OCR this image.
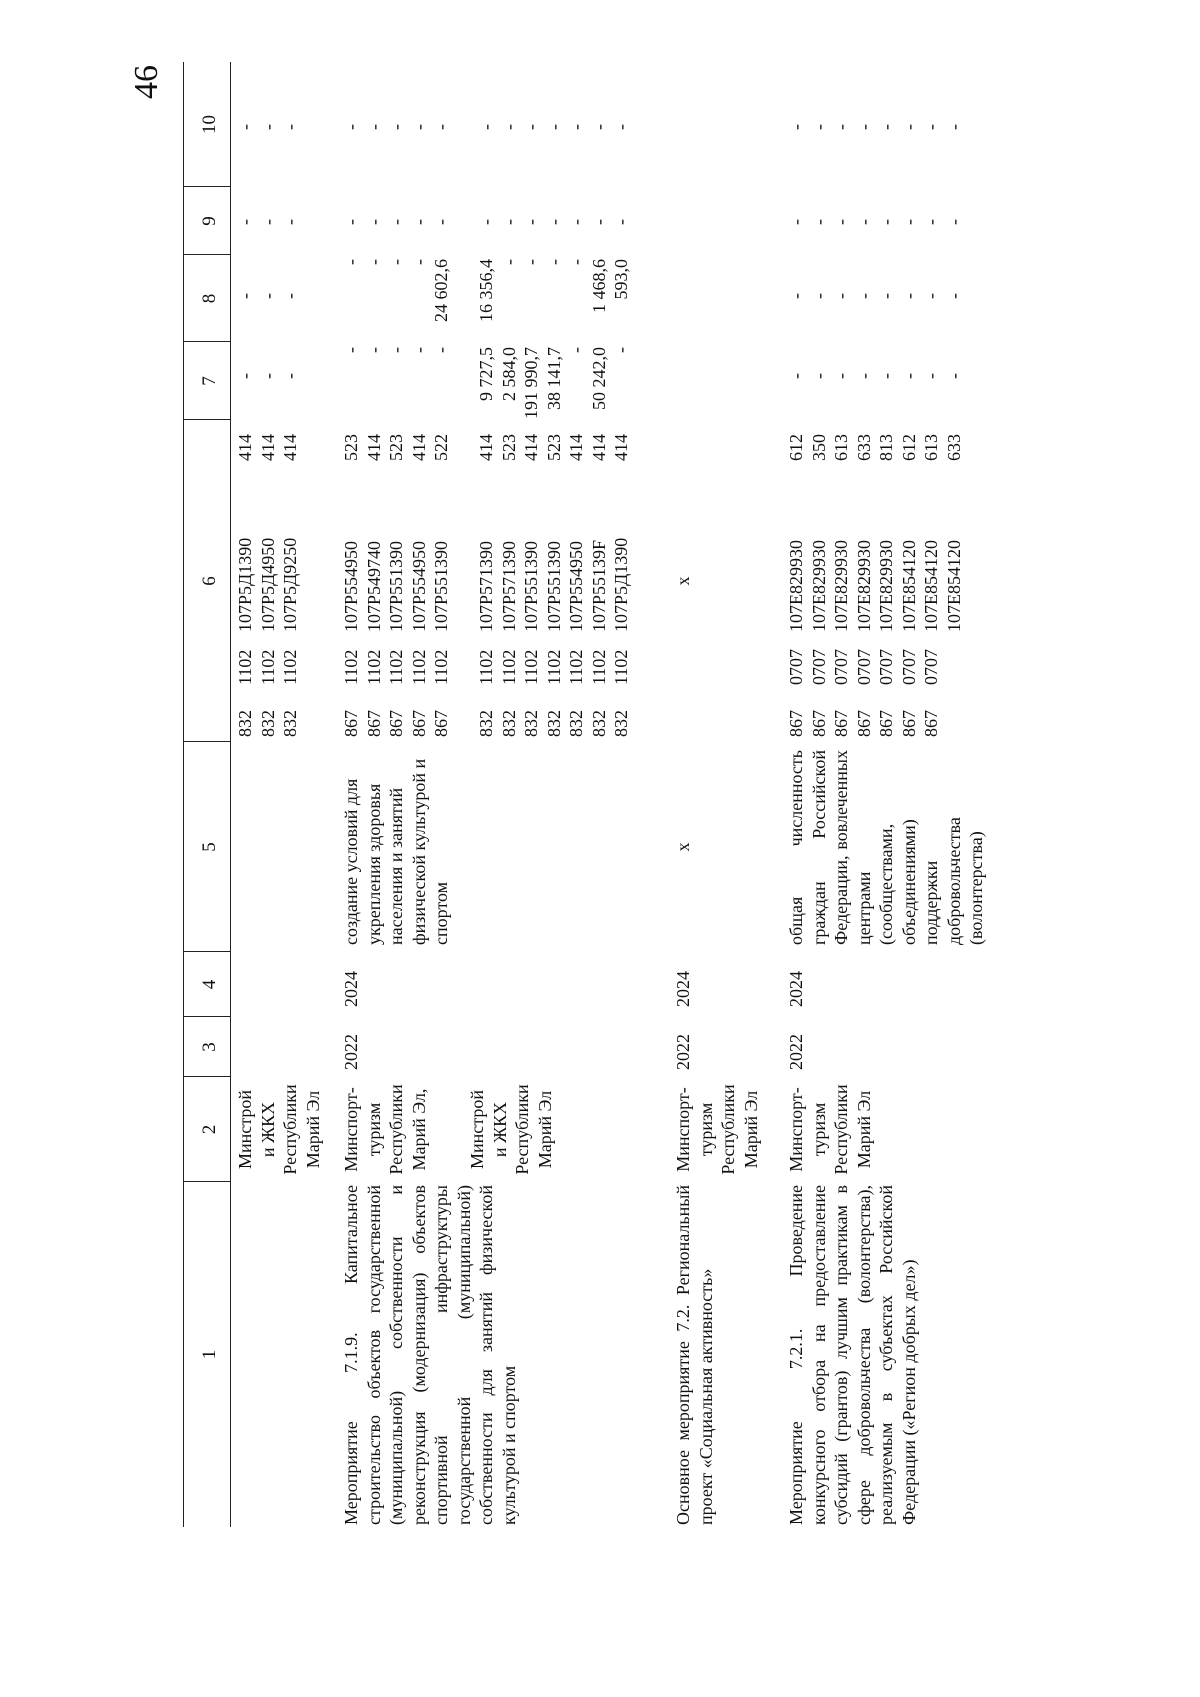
46
1
2
3
4
5
6
7
8
9
10
Минстрой
и ЖКХ
Республики
Марий Эл
832
832
832
1102
1102
1102
107Р5Д1390
107Р5Д4950
107Р5Д9250
414
414
414
-
-
-
-
-
-
-
-
-
-
-
-
Мероприятие 7.1.9. Капитальное строительство объектов государственной (муниципальной) собственности и реконструкция (модернизация) объектов спортивной инфраструктуры государственной (муниципальной) собственности для занятий физической культурой и спортом
Минспорт-
туризм
Республики
Марий Эл, Минстрой
и ЖКХ
Республики
Марий Эл
2022
2024
создание условий для укрепления здоровья населения и занятий физической культурой и спортом
867
867
867
867
867

832
832
832
832
832
832
832
1102
1102
1102
1102
1102

1102
1102
1102
1102
1102
1102
1102
107Р554950
107Р549740
107Р551390
107Р554950
107Р551390

107Р571390
107Р571390
107Р551390
107Р551390
107Р554950
107Р55139F
107Р5Д1390
523
414
523
414
522

414
523
414
523
414
414
414
-
-
-
-
-

9 727,5
2 584,0
191 990,7
38 141,7
-
50 242,0
-
-
-
-
-
24 602,6

16 356,4
-
-
-
-
1 468,6
593,0
-
-
-
-
-

-
-
-
-
-
-
-
-
-
-
-
-

-
-
-
-
-
-
-
Основное мероприятие 7.2. Региональный проект «Социальная активность»
Минспорт-
туризм
Республики
Марий Эл
2022
2024
х
х
Мероприятие 7.2.1. Проведение конкурсного отбора на предоставление субсидий (грантов) лучшим практикам в сфере добровольчества (волонтерства), реализуемым в субъектах Российской Федерации («Регион добрых дел»)
Минспорт-
туризм
Республики
Марий Эл
2022
2024
общая численность граждан Российской Федерации, вовлеченных центрами (сообществами, объединениями) поддержки добровольчества (волонтерства)
867
867
867
867
867
867
867
0707
0707
0707
0707
0707
0707
0707
107Е829930
107Е829930
107Е829930
107Е829930
107Е829930
107Е854120
107Е854120
107Е854120
612
350
613
633
813
612
613
633
-
-
-
-
-
-
-
-
-
-
-
-
-
-
-
-
-
-
-
-
-
-
-
-
-
-
-
-
-
-
-
-
